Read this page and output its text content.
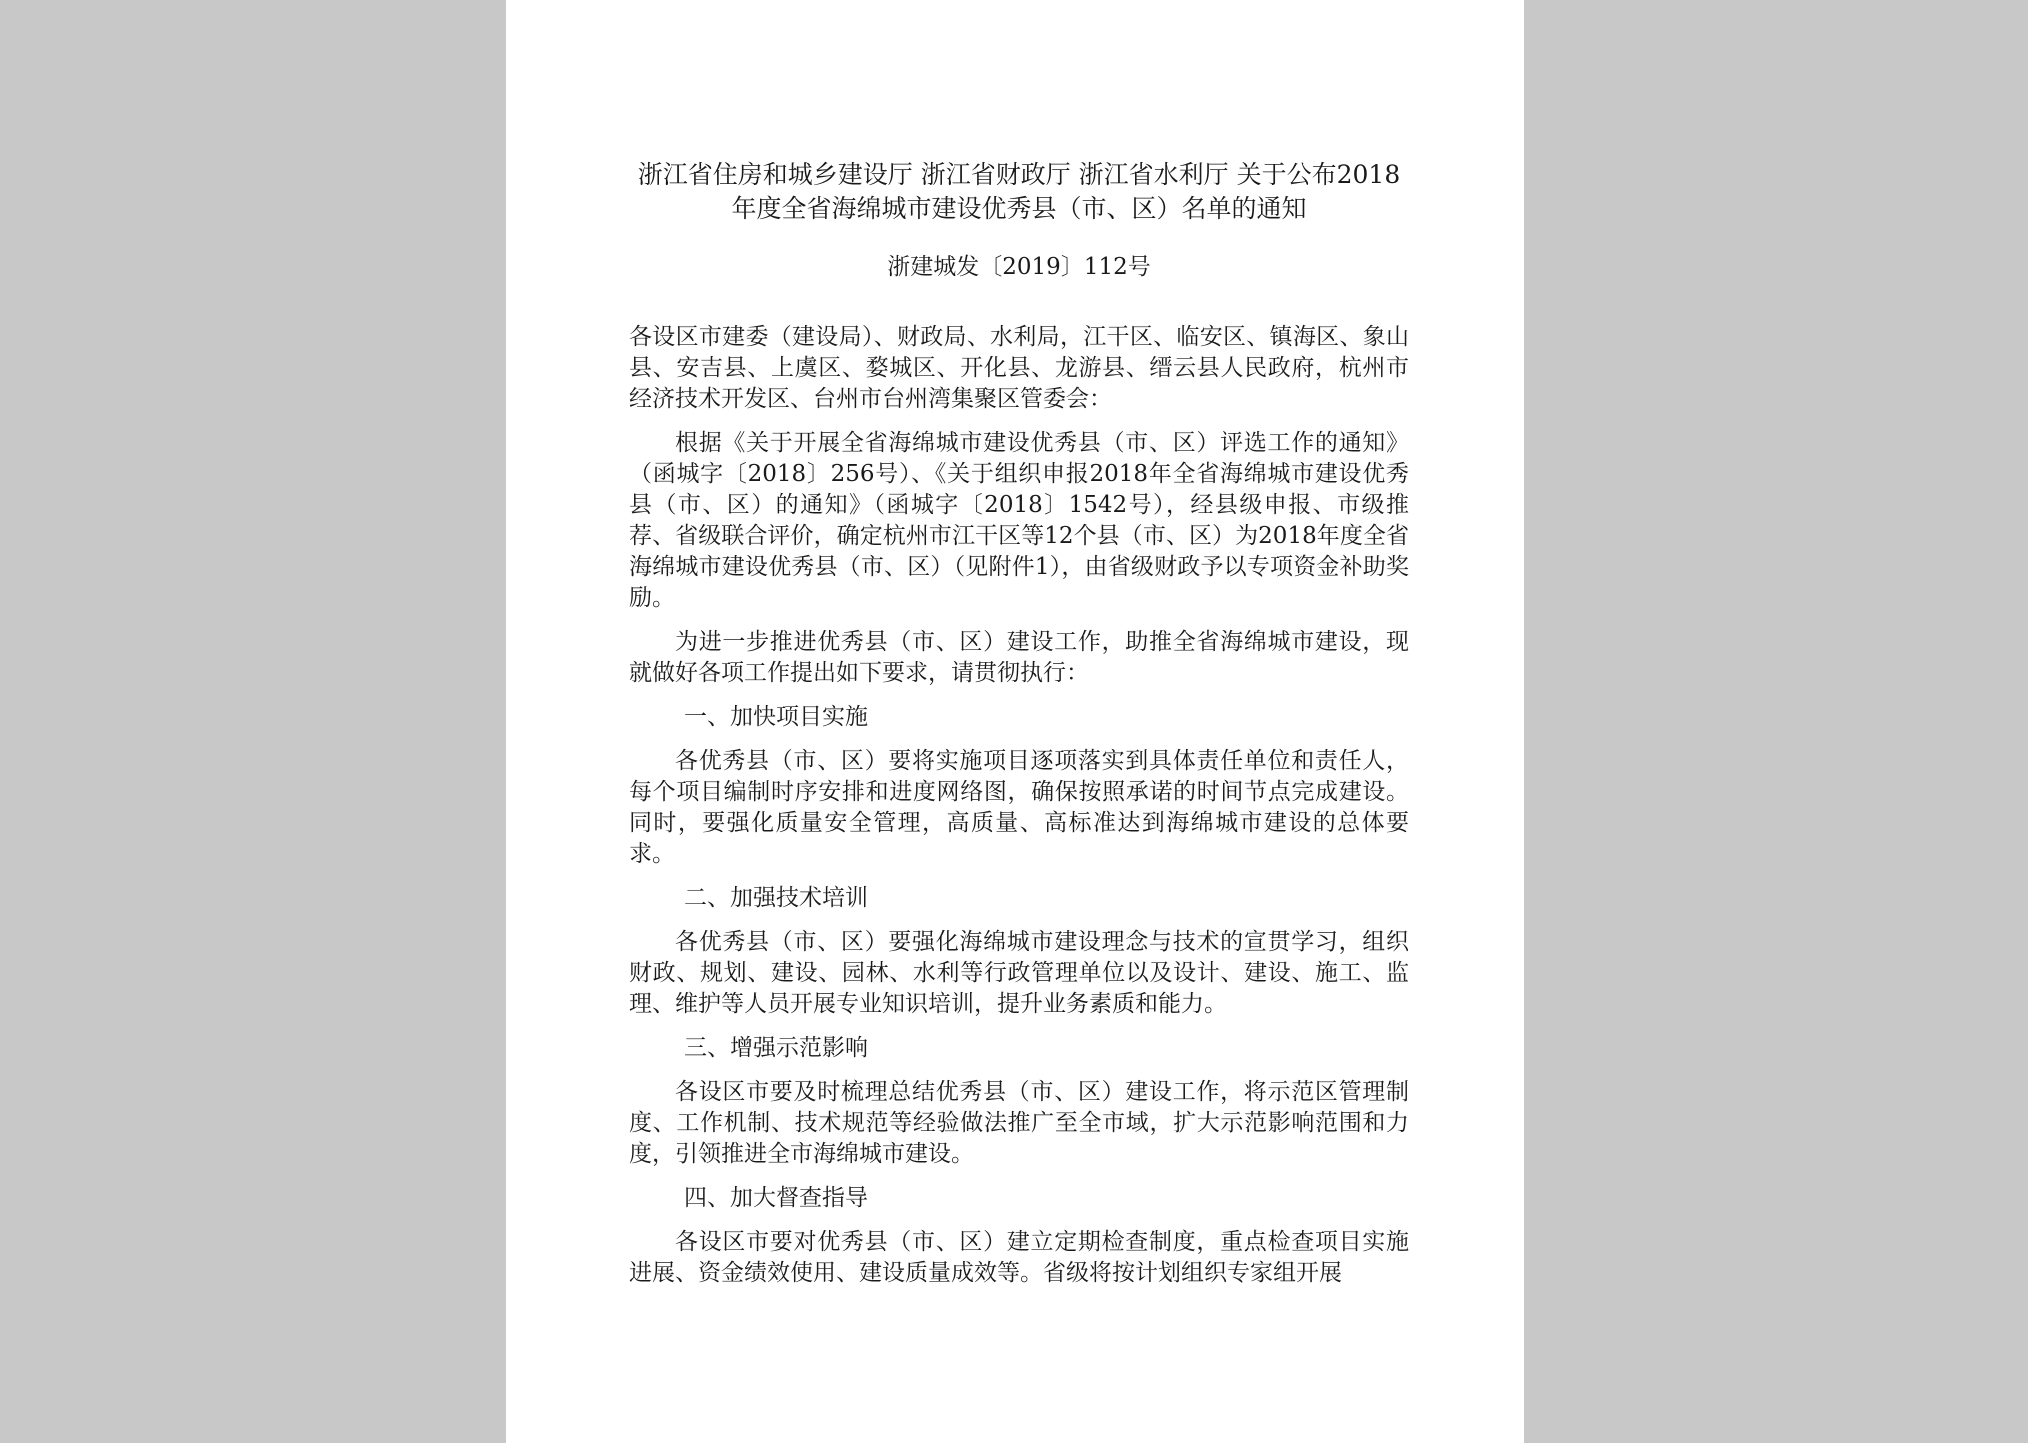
浙江省住房和城乡建设厅 浙江省财政厅 浙江省水利厅 关于公布2018年度全省海绵城市建设优秀县（市、区）名单的通知
浙建城发〔2019〕112号

各设区市建委（建设局）、财政局、水利局，江干区、临安区、镇海区、象山县、安吉县、上虞区、婺城区、开化县、龙游县、缙云县人民政府，杭州市经济技术开发区、台州市台州湾集聚区管委会：

根据《关于开展全省海绵城市建设优秀县（市、区）评选工作的通知》（函城字〔2018〕256号）、《关于组织申报2018年全省海绵城市建设优秀县（市、区）的通知》（函城字〔2018〕1542号），经县级申报、市级推荐、省级联合评价，确定杭州市江干区等12个县（市、区）为2018年度全省海绵城市建设优秀县（市、区）（见附件1），由省级财政予以专项资金补助奖励。

为进一步推进优秀县（市、区）建设工作，助推全省海绵城市建设，现就做好各项工作提出如下要求，请贯彻执行：

一、加快项目实施

各优秀县（市、区）要将实施项目逐项落实到具体责任单位和责任人，每个项目编制时序安排和进度网络图，确保按照承诺的时间节点完成建设。同时，要强化质量安全管理，高质量、高标准达到海绵城市建设的总体要求。

二、加强技术培训

各优秀县（市、区）要强化海绵城市建设理念与技术的宣贯学习，组织财政、规划、建设、园林、水利等行政管理单位以及设计、建设、施工、监理、维护等人员开展专业知识培训，提升业务素质和能力。

三、增强示范影响

各设区市要及时梳理总结优秀县（市、区）建设工作，将示范区管理制度、工作机制、技术规范等经验做法推广至全市域，扩大示范影响范围和力度，引领推进全市海绵城市建设。

四、加大督查指导

各设区市要对优秀县（市、区）建立定期检查制度，重点检查项目实施进展、资金绩效使用、建设质量成效等。省级将按计划组织专家组开展
